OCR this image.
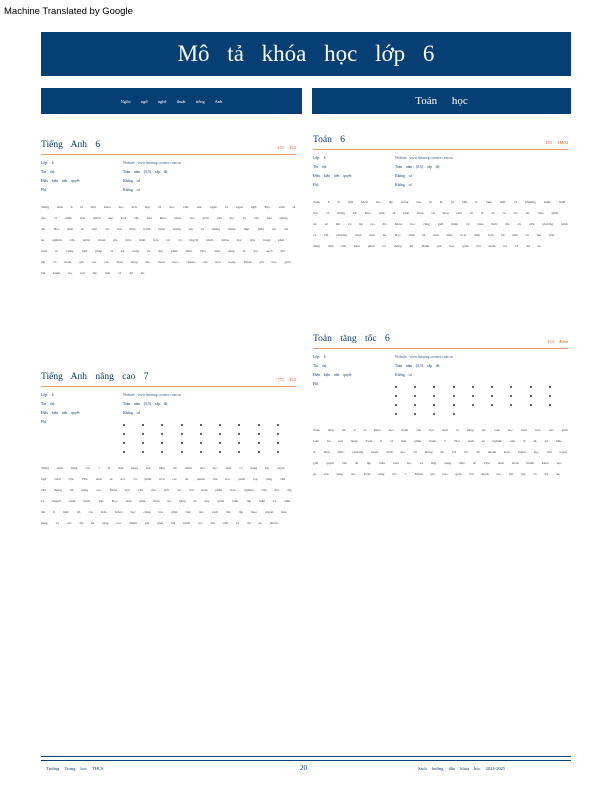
Machine Translated by Google
Mô tả khóa học lớp 6
Ngôn ngữ nghệ thuật tiếng Anh	Toán học
Tiếng Anh 6	151 482
Lớp: 6	Website: www.learning.courses.com.vn
Tín chỉ:	Toàn năm (0,5) cấp độ
Điều kiện tiên quyết:	Không có
Phí:	Không có
Tiếng Anh 6 là một khóa học tích hợp về đọc, viết, nói, nghe và ngôn ngữ. Học sinh sẽ đọc và phân tích nhiều thể loại văn bản khác nhau, bao gồm văn học và văn bản thông tin. Học sinh sẽ viết các bài luận tranh luận, thông tin và tường thuật; thực hiện các dự án nghiên cứu ngắn; tham gia thảo luận hợp tác và thuyết trình. Khóa học chú trọng phát triển từ vựng, ngữ pháp và kỹ năng tư duy phản biện. Học sinh cũng sẽ đọc sách độc lập và tham gia vào các hoạt động đọc hiểu theo chuẩn của tiểu bang. Đánh giá bao gồm bài kiểm tra, bài tập viết và dự án.
Tiếng Anh nâng cao 7	771 482
Lớp: 6	Website: www.learning.courses.com.vn
Tín chỉ:	Toàn năm (0,5) cấp độ
Điều kiện tiên quyết:	Không có
Phí:
Tiếng Anh nâng cao 7 là một khóa học tăng tốc dành cho học sinh có năng lực ngôn ngữ vượt trội. Học sinh sẽ đọc và phân tích các tác phẩm văn học phức tạp cùng văn bản thông tin nâng cao. Khóa học yêu cầu viết các bài luận phân tích, nghiên cứu độc lập và thuyết trình trước lớp. Học sinh phát triển kỹ năng tư duy phản biện, lập luận và diễn đạt ở mức độ cao hơn. Khóa học cũng bao gồm việc đọc sách độc lập theo chuẩn tiểu bang và các dự án sáng tạo. Đánh giá gồm bài kiểm tra, bài viết và dự án nhóm.
Toán 6	153 TM03
Lớp: 6	Website: www.learning.courses.com.vn
Tín chỉ:	Toàn năm (0,5) cấp độ
Điều kiện tiên quyết:	Không có
Phí:	Không có
Toán 6 là một khóa học tập trung vào tỷ lệ, số hữu tỉ, biểu thức và phương trình, hình học và thống kê. Học sinh sẽ phát triển sự hiểu biết về tỷ số và tốc độ, chia phân số, số âm và hệ tọa độ. Khóa học cũng giới thiệu về biểu thức đại số, giải phương trình và bất phương trình một ẩn. Học sinh sẽ tính diện tích, diện tích bề mặt và thể tích, đồng thời tìm hiểu phân bố thống kê. Đánh giá bao gồm bài kiểm tra và dự án.
Toán tăng tốc 6	153 điểm
Lớp: 6	Website: www.learning.courses.com.vn
Tín chỉ:	Toàn năm (0,5) cấp độ
Điều kiện tiên quyết:	Không có
Phí:
Toán tăng tốc 6 là khóa học dành cho học sinh có năng lực toán học vượt trội, bao gồm toàn bộ nội dung Toán 6 và một phần Toán 7. Học sinh sẽ nghiên cứu tỷ lệ, số hữu tỉ, biểu thức, phương trình, hình học và thống kê với tốc độ nhanh hơn. Khóa học chú trọng giải quyết vấn đề, lập luận toán học và ứng dụng thực tế. Học sinh hoàn thành khóa học sẽ sẵn sàng cho Toán tăng tốc 7. Đánh giá bao gồm bài kiểm tra, bài tập và dự án.
Trường Trung học THCS	20	Sách hướng dẫn khóa học 2024-2025
